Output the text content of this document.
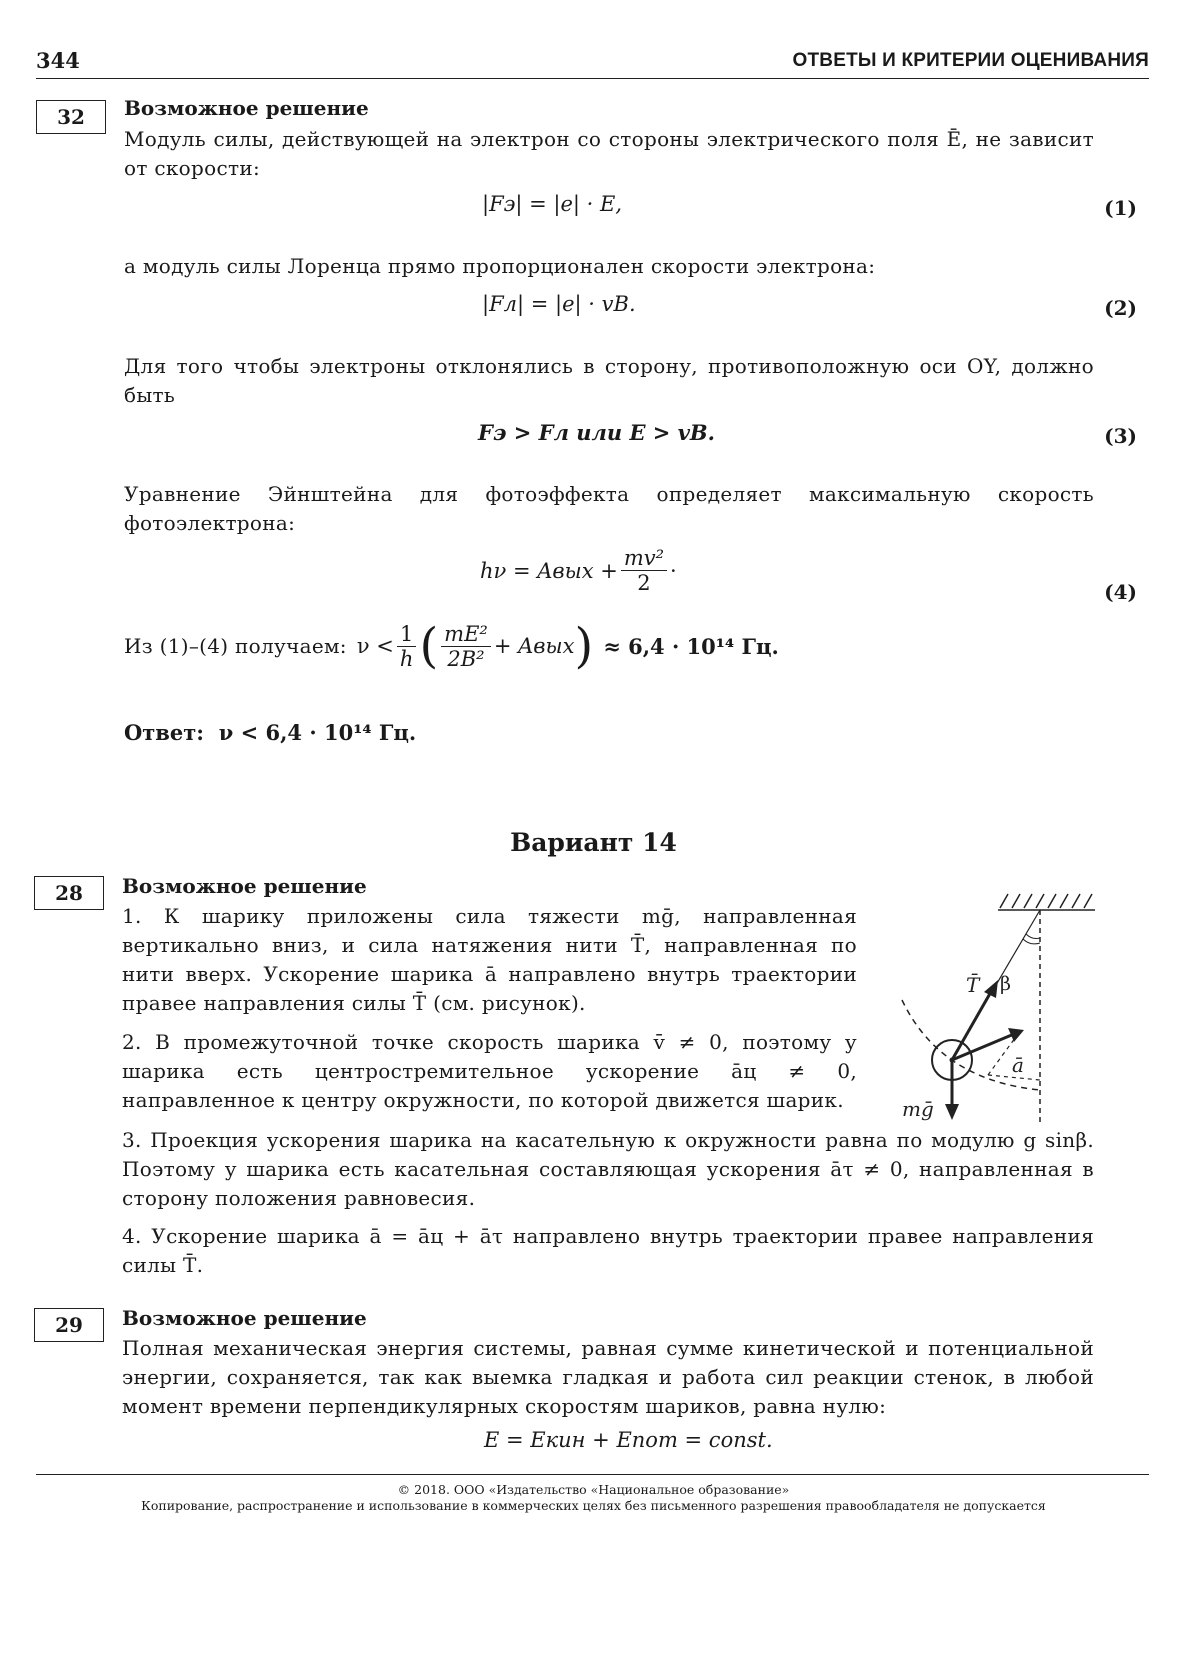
344	ОТВЕТЫ И КРИТЕРИИ ОЦЕНИВАНИЯ
32	Возможное решение
Модуль силы, действующей на электрон со стороны электрического поля Ē, не зависит от скорости:
|Fэ| = |e| · E,	(1)
а модуль силы Лоренца прямо пропорционален скорости электрона:
|Fл| = |e| · vB.	(2)
Для того чтобы электроны отклонялись в сторону, противоположную оси OY, должно быть
Fэ > Fл или E > vB.	(3)
Уравнение Эйнштейна для фотоэффекта определяет максимальную скорость фотоэлектрона:
hν = Aвых + $\frac{\text{mv²}}{2}$ ·
(4)
Из (1)–(4) получаем: $\nu < \frac{1}{h}$ ( $\frac{\text{mE²}}{\text{2B²}}$ + Aвых ) ≈ 6,4 · 10¹⁴ Гц.
Ответ: ν < 6,4 · 10¹⁴ Гц.
Вариант 14
28	Возможное решение
1. К шарику приложены сила тяжести mḡ, направленная вертикально вниз, и сила натяжения нити T̄, направленная по нити вверх. Ускорение шарика ā направлено внутрь траектории правее направления силы T̄ (см. рисунок).
2. В промежуточной точке скорость шарика v̄ ≠ 0, поэтому у шарика есть центростремительное ускорение āц ≠ 0, направленное к центру окружности, по которой движется шарик.
3. Проекция ускорения шарика на касательную к окружности равна по модулю g sinβ. Поэтому у шарика есть касательная составляющая ускорения āτ ≠ 0, направленная в сторону положения равновесия.
4. Ускорение шарика ā = āц + āτ направлено внутрь траектории правее направления силы T̄.
T̄ β
ā
mḡ
29	Возможное решение
Полная механическая энергия системы, равная сумме кинетической и потенциальной энергии, сохраняется, так как выемка гладкая и работа сил реакции стенок, в любой момент времени перпендикулярных скоростям шариков, равна нулю:
E = Eкин + Eпот = const.
© 2018. ООО «Издательство «Национальное образование»
Копирование, распространение и использование в коммерческих целях без письменного разрешения правообладателя не допускается
